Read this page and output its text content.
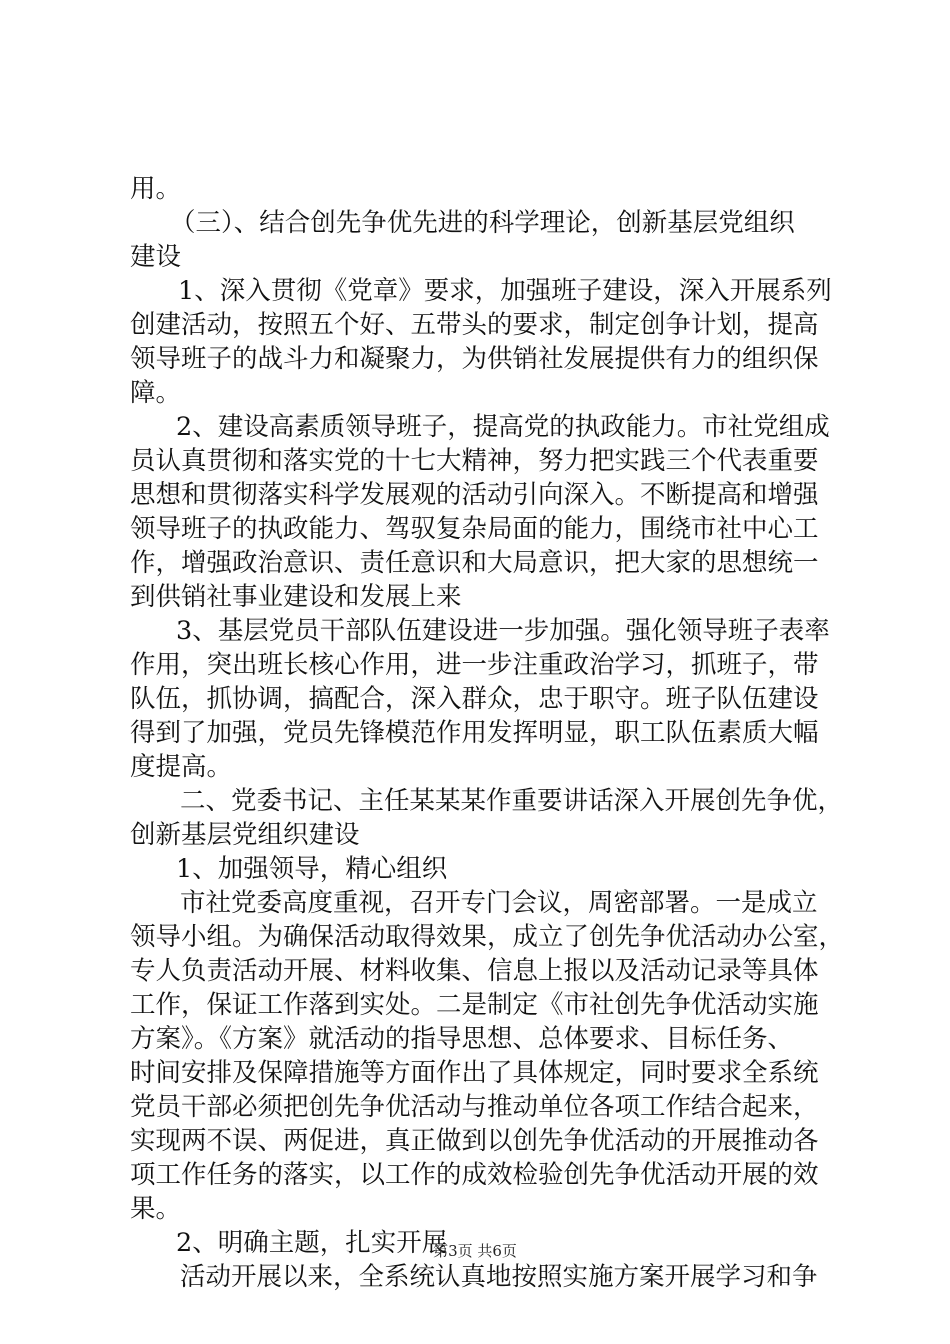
用。
（三）、结合创先争优先进的科学理论，创新基层党组织
建设
1、深入贯彻《党章》要求，加强班子建设，深入开展系列
创建活动，按照五个好、五带头的要求，制定创争计划，提高
领导班子的战斗力和凝聚力，为供销社发展提供有力的组织保
障。
2、建设高素质领导班子，提高党的执政能力。市社党组成
员认真贯彻和落实党的十七大精神，努力把实践三个代表重要
思想和贯彻落实科学发展观的活动引向深入。不断提高和增强
领导班子的执政能力、驾驭复杂局面的能力，围绕市社中心工
作，增强政治意识、责任意识和大局意识，把大家的思想统一
到供销社事业建设和发展上来
3、基层党员干部队伍建设进一步加强。强化领导班子表率
作用，突出班长核心作用，进一步注重政治学习，抓班子，带
队伍，抓协调，搞配合，深入群众，忠于职守。班子队伍建设
得到了加强，党员先锋模范作用发挥明显，职工队伍素质大幅
度提高。
二、党委书记、主任某某某作重要讲话深入开展创先争优，
创新基层党组织建设
1、加强领导，精心组织
市社党委高度重视，召开专门会议，周密部署。一是成立
领导小组。为确保活动取得效果，成立了创先争优活动办公室，
专人负责活动开展、材料收集、信息上报以及活动记录等具体
工作，保证工作落到实处。二是制定《市社创先争优活动实施
方案》。《方案》就活动的指导思想、总体要求、目标任务、
时间安排及保障措施等方面作出了具体规定，同时要求全系统
党员干部必须把创先争优活动与推动单位各项工作结合起来，
实现两不误、两促进，真正做到以创先争优活动的开展推动各
项工作任务的落实，以工作的成效检验创先争优活动开展的效
果。
2、明确主题，扎实开展
活动开展以来，全系统认真地按照实施方案开展学习和争
第3页 共6页
